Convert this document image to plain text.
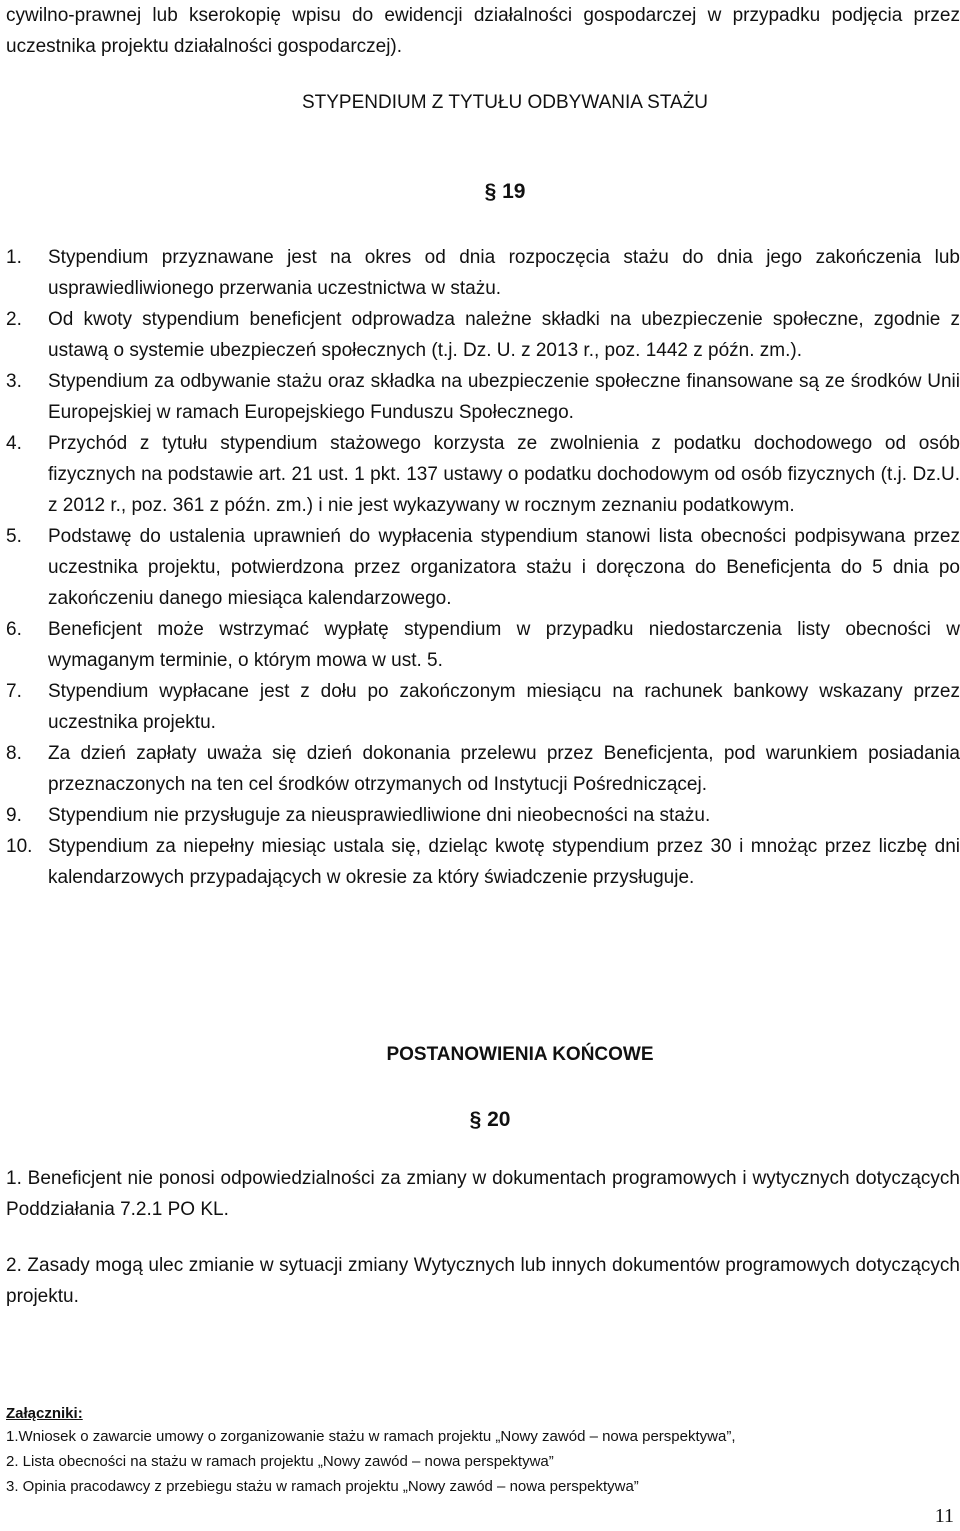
cywilno-prawnej lub kserokopię wpisu do ewidencji działalności gospodarczej w przypadku podjęcia przez uczestnika projektu działalności gospodarczej).
STYPENDIUM Z TYTUŁU ODBYWANIA STAŻU
§ 19
1. Stypendium przyznawane jest na okres od dnia rozpoczęcia stażu do dnia jego zakończenia lub usprawiedliwionego przerwania uczestnictwa w stażu.
2. Od kwoty stypendium beneficjent odprowadza należne składki na ubezpieczenie społeczne, zgodnie z ustawą o systemie ubezpieczeń społecznych (t.j. Dz. U. z 2013 r., poz. 1442 z późn. zm.).
3. Stypendium za odbywanie stażu oraz składka na ubezpieczenie społeczne finansowane są ze środków Unii Europejskiej w ramach Europejskiego Funduszu Społecznego.
4. Przychód z tytułu stypendium stażowego korzysta ze zwolnienia z podatku dochodowego od osób fizycznych na podstawie art. 21 ust. 1 pkt. 137 ustawy o podatku dochodowym od osób fizycznych (t.j. Dz.U. z 2012 r., poz. 361 z późn. zm.) i nie jest wykazywany w rocznym zeznaniu podatkowym.
5. Podstawę do ustalenia uprawnień do wypłacenia stypendium stanowi lista obecności podpisywana przez uczestnika projektu, potwierdzona przez organizatora stażu i doręczona do Beneficjenta do 5 dnia po zakończeniu danego miesiąca kalendarzowego.
6. Beneficjent może wstrzymać wypłatę stypendium w przypadku niedostarczenia listy obecności w wymaganym terminie, o którym mowa w ust. 5.
7. Stypendium wypłacane jest z dołu po zakończonym miesiącu na rachunek bankowy wskazany przez uczestnika projektu.
8. Za dzień zapłaty uważa się dzień dokonania przelewu przez Beneficjenta, pod warunkiem posiadania przeznaczonych na ten cel środków otrzymanych od Instytucji Pośredniczącej.
9. Stypendium nie przysługuje za nieusprawiedliwione dni nieobecności na stażu.
10. Stypendium za niepełny miesiąc ustala się, dzieląc kwotę stypendium przez 30 i mnożąc przez liczbę dni kalendarzowych przypadających w okresie za który świadczenie przysługuje.
POSTANOWIENIA KOŃCOWE
§ 20
1. Beneficjent nie ponosi odpowiedzialności za zmiany w dokumentach programowych i wytycznych dotyczących Poddziałania 7.2.1 PO KL.
2. Zasady mogą ulec zmianie w sytuacji zmiany Wytycznych lub innych dokumentów programowych dotyczących projektu.
Załączniki:
1.Wniosek o zawarcie umowy o zorganizowanie stażu w ramach projektu „Nowy zawód – nowa perspektywa”,
2. Lista obecności na stażu w ramach projektu „Nowy zawód – nowa perspektywa”
3. Opinia pracodawcy z przebiegu stażu w ramach projektu „Nowy zawód – nowa perspektywa”
11
